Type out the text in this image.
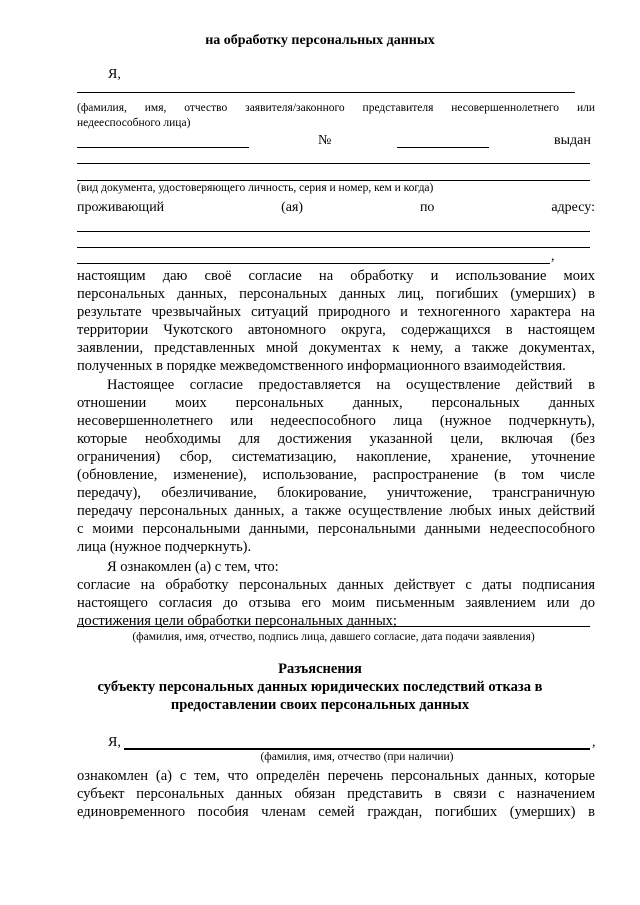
на обработку персональных данных
Я,
(фамилия, имя, отчество заявителя/законного представителя несовершеннолетнего или
недееспособного лица)
№	выдан
(вид документа, удостоверяющего личность, серия и номер, кем и когда)
проживающий	(ая)	по	адресу:
,
настоящим даю своё согласие на обработку и использование моих
персональных данных, персональных данных лиц, погибших (умерших) в
результате чрезвычайных ситуаций природного и техногенного характера на
территории Чукотского автономного округа, содержащихся в настоящем
заявлении, представленных мной документах к нему, а также документах,
полученных в порядке межведомственного информационного взаимодействия.
Настоящее согласие предоставляется на осуществление действий в
отношении моих персональных данных, персональных данных
несовершеннолетнего или недееспособного лица (нужное подчеркнуть),
которые необходимы для достижения указанной цели, включая (без
ограничения) сбор, систематизацию, накопление, хранение, уточнение
(обновление, изменение), использование, распространение (в том числе
передачу), обезличивание, блокирование, уничтожение, трансграничную
передачу персональных данных, а также осуществление любых иных действий
с моими персональными данными, персональными данными недееспособного
лица (нужное подчеркнуть).
Я ознакомлен (а) с тем, что:
согласие на обработку персональных данных действует с даты подписания
настоящего согласия до отзыва его моим письменным заявлением или до
достижения цели обработки персональных данных;
(фамилия, имя, отчество, подпись лица, давшего согласие, дата подачи заявления)
Разъяснения
субъекту персональных данных юридических последствий отказа в
предоставлении своих персональных данных
Я,	,
(фамилия, имя, отчество (при наличии)
ознакомлен (а) с тем, что определён перечень персональных данных, которые
субъект персональных данных обязан представить в связи с назначением
единовременного пособия членам семей граждан, погибших (умерших) в
